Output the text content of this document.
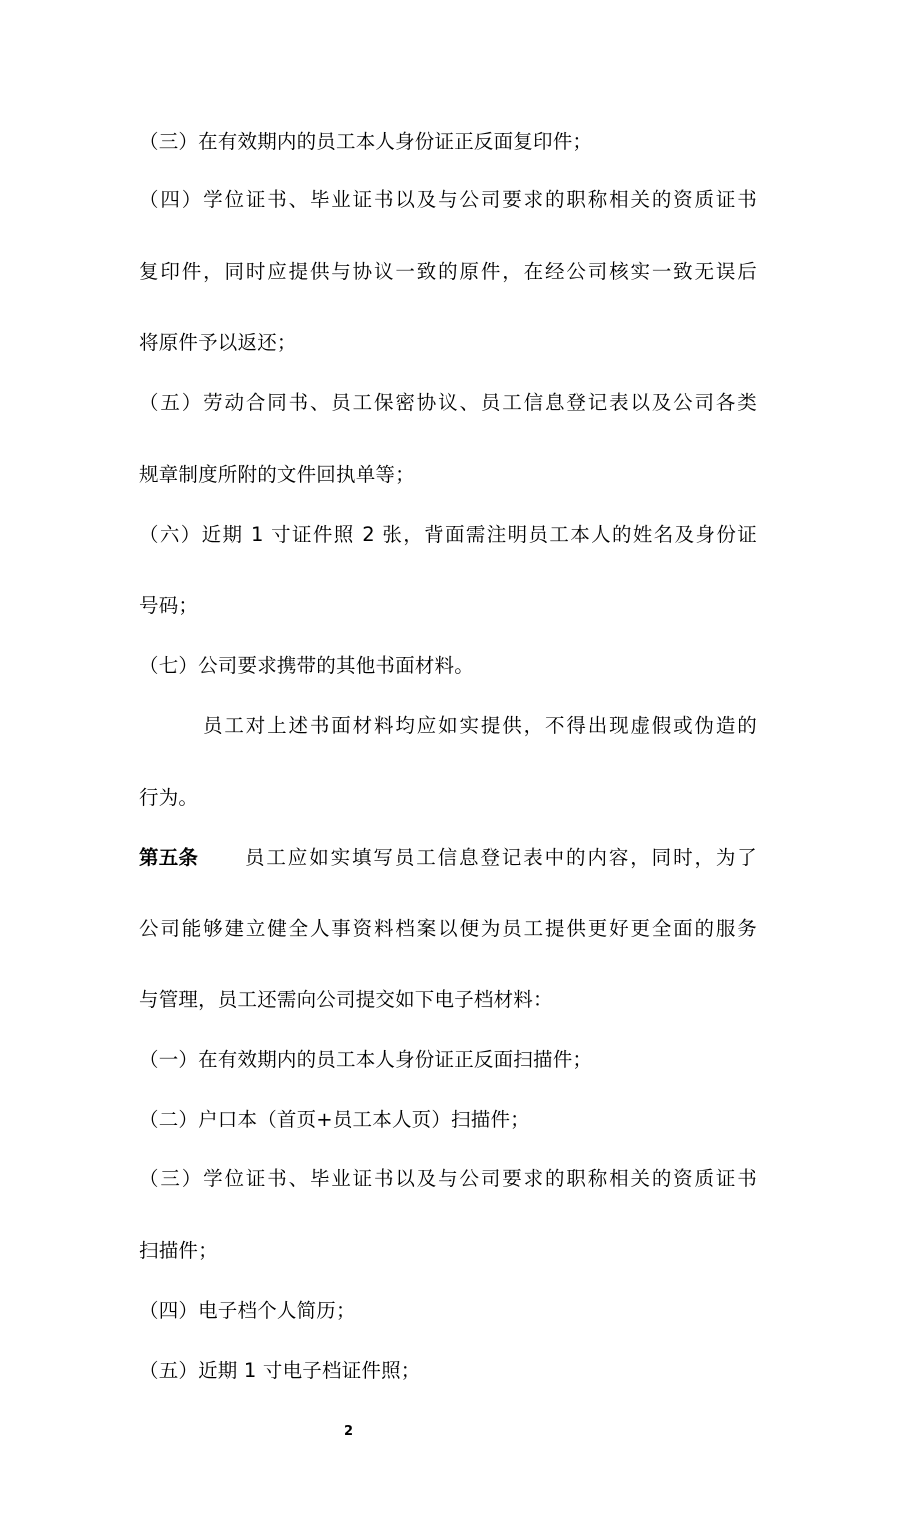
（三）在有效期内的员工本人身份证正反面复印件；
（四）学位证书、毕业证书以及与公司要求的职称相关的资质证书
复印件，同时应提供与协议一致的原件，在经公司核实一致无误后
将原件予以返还；
（五）劳动合同书、员工保密协议、员工信息登记表以及公司各类
规章制度所附的文件回执单等；
（六）近期 1 寸证件照 2 张，背面需注明员工本人的姓名及身份证
号码；
（七）公司要求携带的其他书面材料。
员工对上述书面材料均应如实提供，不得出现虚假或伪造的
行为。
第五条 员工应如实填写员工信息登记表中的内容，同时，为了
公司能够建立健全人事资料档案以便为员工提供更好更全面的服务
与管理，员工还需向公司提交如下电子档材料：
（一）在有效期内的员工本人身份证正反面扫描件；
（二）户口本（首页+员工本人页）扫描件；
（三）学位证书、毕业证书以及与公司要求的职称相关的资质证书
扫描件；
（四）电子档个人简历；
（五）近期 1 寸电子档证件照；
2
